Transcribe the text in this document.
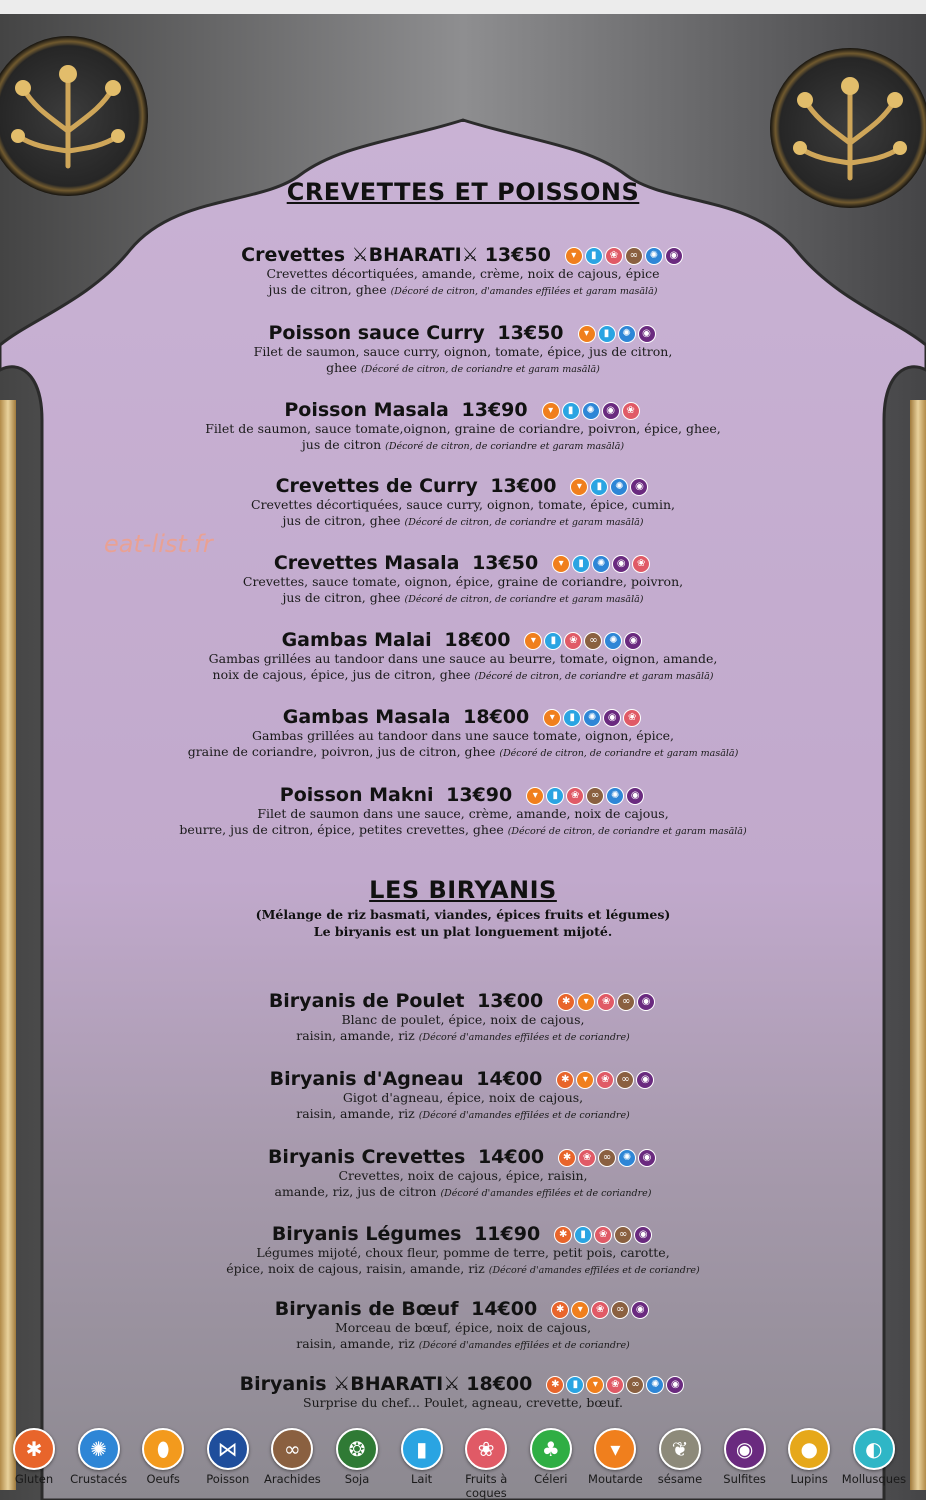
CREVETTES ET POISSONS
eat-list.fr
LES BIRYANIS
(Mélange de riz basmati, viandes, épices fruits et légumes)
Le biryanis est un plat longuement mijoté.
Crevettes ⚔BHARATI⚔ 13€50 ▾ ▮ ❀ ∞ ✺ ◉
Crevettes décortiquées, amande, crème, noix de cajous, épice
jus de citron, ghee (Décoré de citron, d'amandes effilées et garam masālā)
Poisson sauce Curry 13€50 ▾ ▮ ✺ ◉
Filet de saumon, sauce curry, oignon, tomate, épice, jus de citron,
ghee (Décoré de citron, de coriandre et garam masālā)
Poisson Masala 13€90 ▾ ▮ ✺ ◉ ❀
Filet de saumon, sauce tomate,oignon, graine de coriandre, poivron, épice, ghee,
jus de citron (Décoré de citron, de coriandre et garam masālā)
Crevettes de Curry 13€00 ▾ ▮ ✺ ◉
Crevettes décortiquées, sauce curry, oignon, tomate, épice, cumin,
jus de citron, ghee (Décoré de citron, de coriandre et garam masālā)
Crevettes Masala 13€50 ▾ ▮ ✺ ◉ ❀
Crevettes, sauce tomate, oignon, épice, graine de coriandre, poivron,
jus de citron, ghee (Décoré de citron, de coriandre et garam masālā)
Gambas Malai 18€00 ▾ ▮ ❀ ∞ ✺ ◉
Gambas grillées au tandoor dans une sauce au beurre, tomate, oignon, amande,
noix de cajous, épice, jus de citron, ghee (Décoré de citron, de coriandre et garam masālā)
Gambas Masala 18€00 ▾ ▮ ✺ ◉ ❀
Gambas grillées au tandoor dans une sauce tomate, oignon, épice,
graine de coriandre, poivron, jus de citron, ghee (Décoré de citron, de coriandre et garam masālā)
Poisson Makni 13€90 ▾ ▮ ❀ ∞ ✺ ◉
Filet de saumon dans une sauce, crème, amande, noix de cajous,
beurre, jus de citron, épice, petites crevettes, ghee (Décoré de citron, de coriandre et garam masālā)
Biryanis de Poulet 13€00 ✱ ▾ ❀ ∞ ◉
Blanc de poulet, épice, noix de cajous,
raisin, amande, riz (Décoré d'amandes effilées et de coriandre)
Biryanis d'Agneau 14€00 ✱ ▾ ❀ ∞ ◉
Gigot d'agneau, épice, noix de cajous,
raisin, amande, riz (Décoré d'amandes effilées et de coriandre)
Biryanis Crevettes 14€00 ✱ ❀ ∞ ✺ ◉
Crevettes, noix de cajous, épice, raisin,
amande, riz, jus de citron (Décoré d'amandes effilées et de coriandre)
Biryanis Légumes 11€90 ✱ ▮ ❀ ∞ ◉
Légumes mijoté, choux fleur, pomme de terre, petit pois, carotte,
épice, noix de cajous, raisin, amande, riz (Décoré d'amandes effilées et de coriandre)
Biryanis de Bœuf 14€00 ✱ ▾ ❀ ∞ ◉
Morceau de bœuf, épice, noix de cajous,
raisin, amande, riz (Décoré d'amandes effilées et de coriandre)
Biryanis ⚔BHARATI⚔ 18€00 ✱ ▮ ▾ ❀ ∞ ✺ ◉
Surprise du chef... Poulet, agneau, crevette, bœuf.
✱
Gluten
✺
Crustacés
⬮
Oeufs
⋈
Poisson
∞
Arachides
❂
Soja
▮
Lait
❀
Fruits à coques
♣
Céleri
▾
Moutarde
❦
sésame
◉
Sulfites
●
Lupins
◐
Mollusques
